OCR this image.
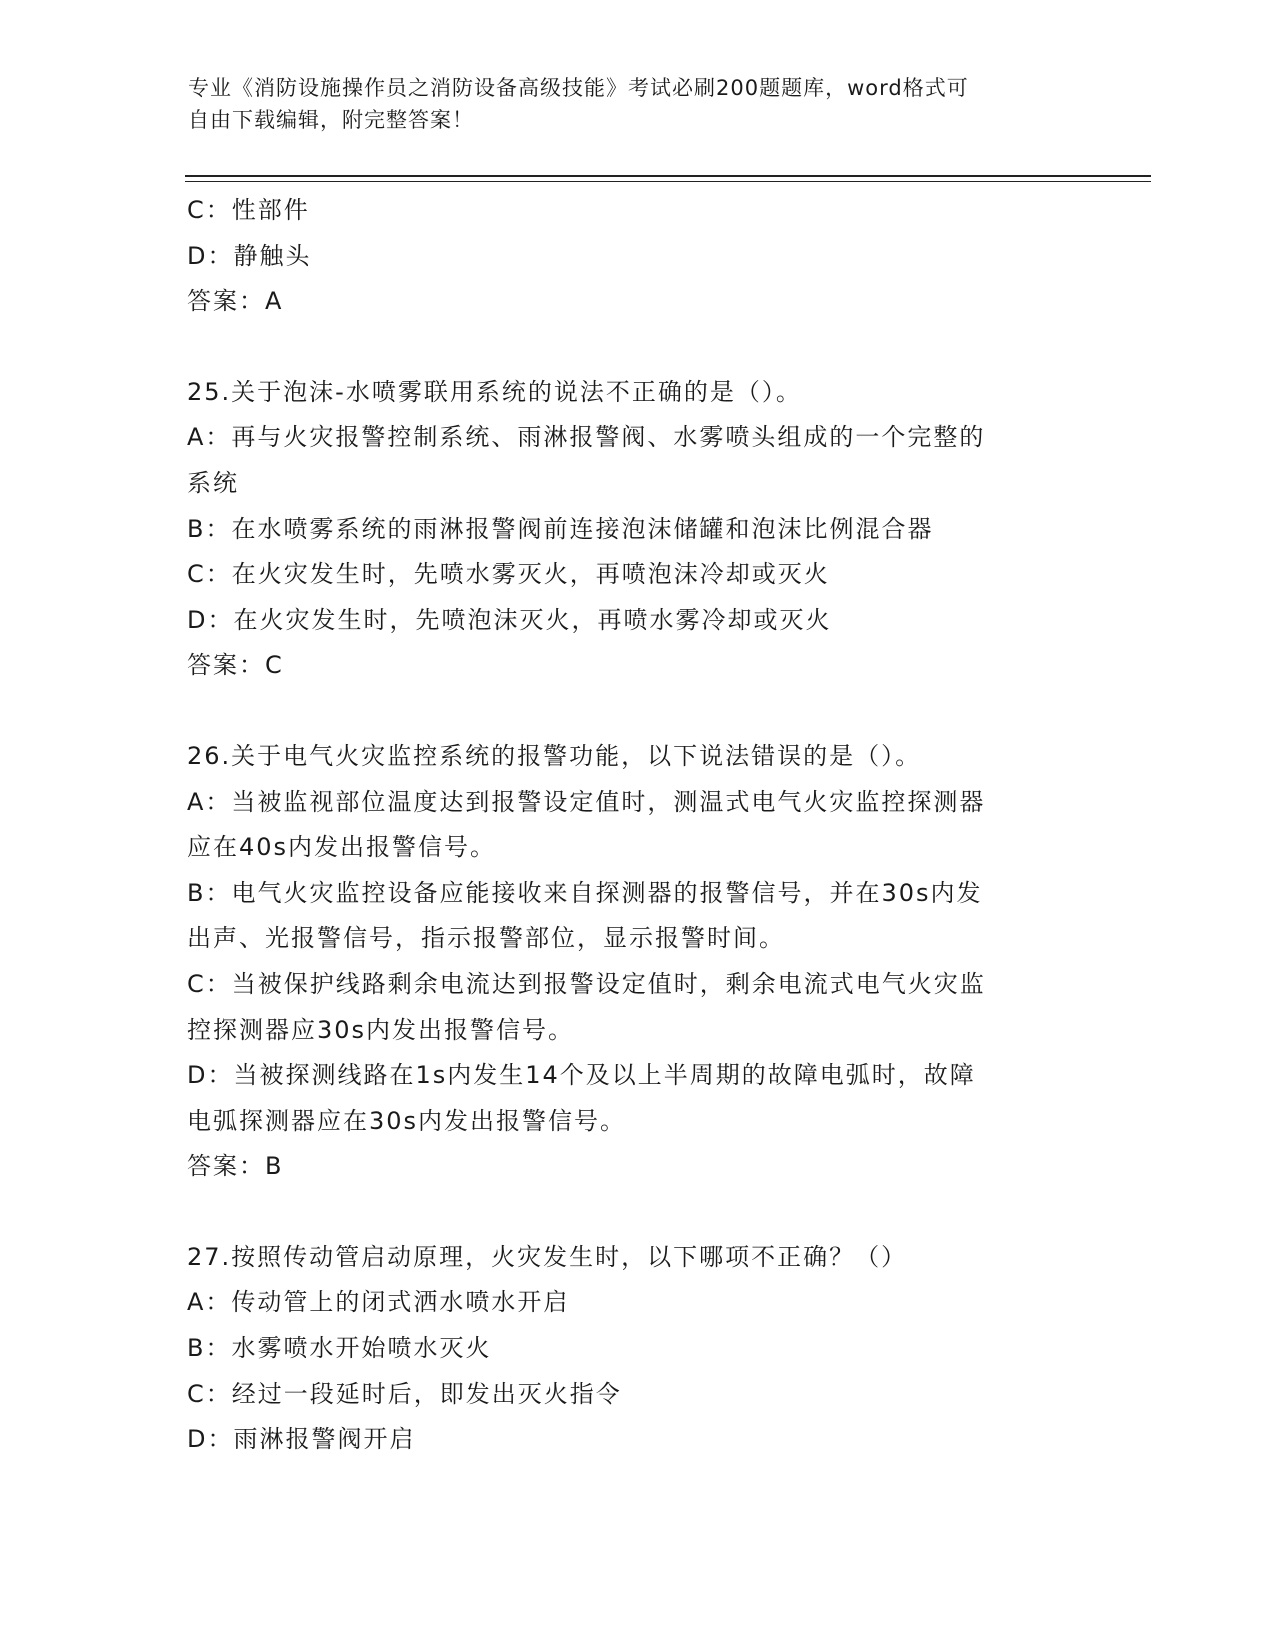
专业《消防设施操作员之消防设备高级技能》考试必刷200题题库，word格式可
自由下载编辑，附完整答案！
C：性部件
D：静触头
答案：A
25.关于泡沫-水喷雾联用系统的说法不正确的是（）。
A：再与火灾报警控制系统、雨淋报警阀、水雾喷头组成的一个完整的
系统
B：在水喷雾系统的雨淋报警阀前连接泡沫储罐和泡沫比例混合器
C：在火灾发生时，先喷水雾灭火，再喷泡沫冷却或灭火
D：在火灾发生时，先喷泡沫灭火，再喷水雾冷却或灭火
答案：C
26.关于电气火灾监控系统的报警功能，以下说法错误的是（）。
A：当被监视部位温度达到报警设定值时，测温式电气火灾监控探测器
应在40s内发出报警信号。
B：电气火灾监控设备应能接收来自探测器的报警信号，并在30s内发
出声、光报警信号，指示报警部位，显示报警时间。
C：当被保护线路剩余电流达到报警设定值时，剩余电流式电气火灾监
控探测器应30s内发出报警信号。
D：当被探测线路在1s内发生14个及以上半周期的故障电弧时，故障
电弧探测器应在30s内发出报警信号。
答案：B
27.按照传动管启动原理，火灾发生时，以下哪项不正确？（）
A：传动管上的闭式洒水喷水开启
B：水雾喷水开始喷水灭火
C：经过一段延时后，即发出灭火指令
D：雨淋报警阀开启
